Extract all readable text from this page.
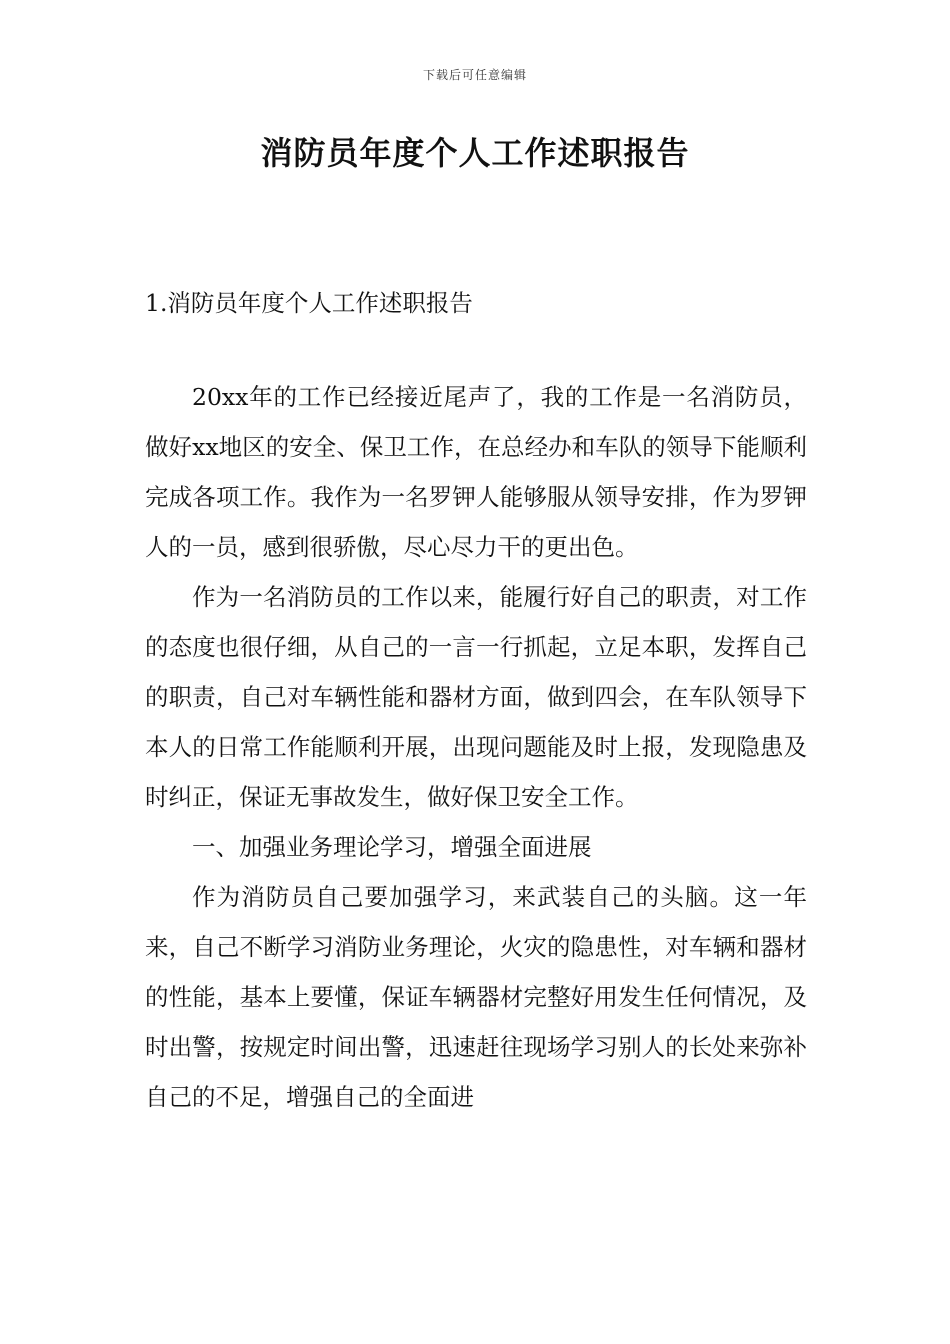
下载后可任意编辑
消防员年度个人工作述职报告
1.消防员年度个人工作述职报告

20xx年的工作已经接近尾声了，我的工作是一名消防员，做好xx地区的安全、保卫工作，在总经办和车队的领导下能顺利完成各项工作。我作为一名罗钾人能够服从领导安排，作为罗钾人的一员，感到很骄傲，尽心尽力干的更出色。

作为一名消防员的工作以来，能履行好自己的职责，对工作的态度也很仔细，从自己的一言一行抓起，立足本职，发挥自己的职责，自己对车辆性能和器材方面，做到四会，在车队领导下本人的日常工作能顺利开展，出现问题能及时上报，发现隐患及时纠正，保证无事故发生，做好保卫安全工作。

一、加强业务理论学习，增强全面进展

作为消防员自己要加强学习，来武装自己的头脑。这一年来，自己不断学习消防业务理论，火灾的隐患性，对车辆和器材的性能，基本上要懂，保证车辆器材完整好用发生任何情况，及时出警，按规定时间出警，迅速赶往现场学习别人的长处来弥补自己的不足，增强自己的全面进
